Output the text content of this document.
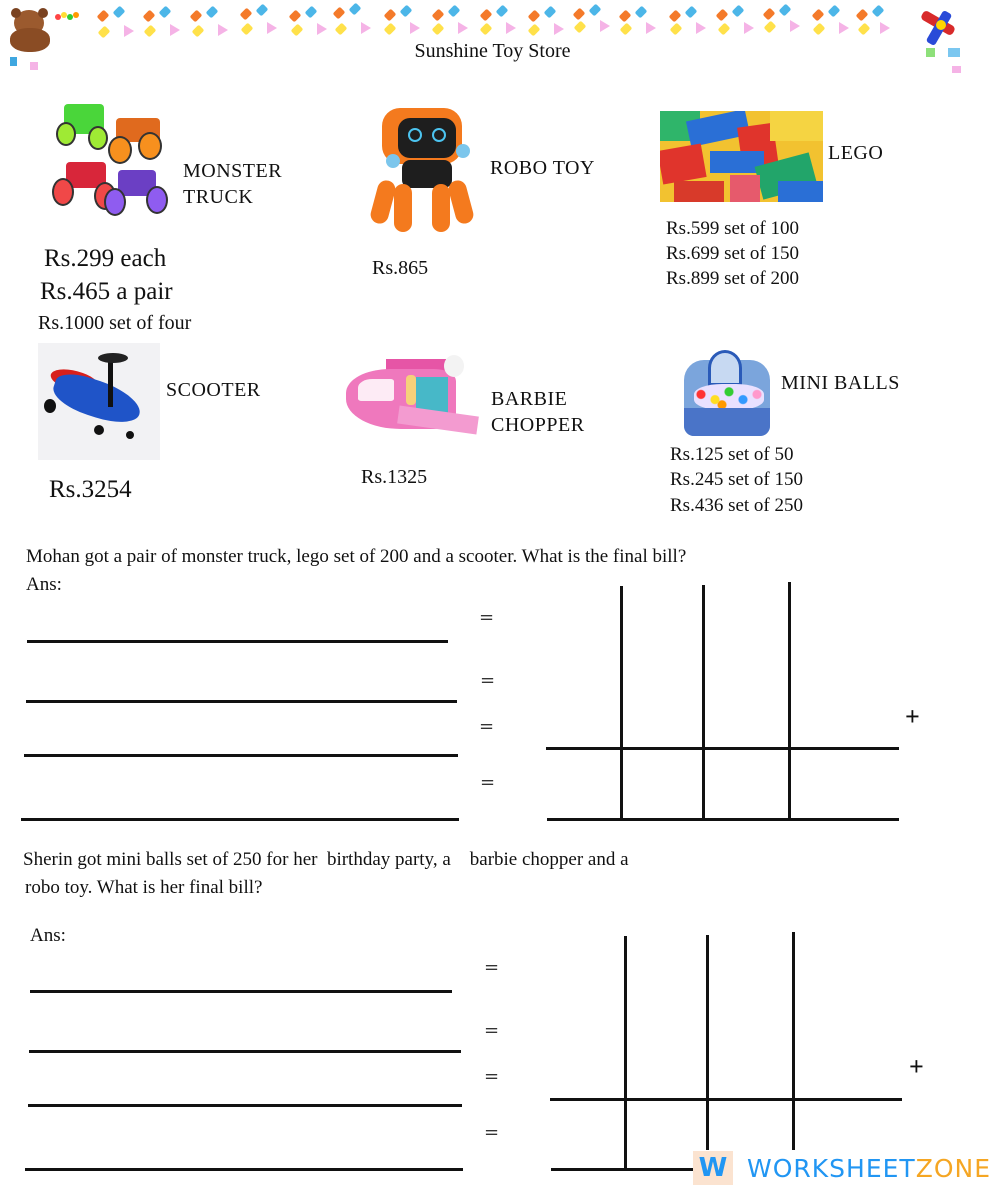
Sunshine Toy Store
MONSTER
TRUCK
Rs.299 each
Rs.465 a pair
Rs.1000 set of four
ROBO TOY
Rs.865
LEGO
Rs.599 set of 100
Rs.699 set of 150
Rs.899 set of 200
SCOOTER
Rs.3254
BARBIE
CHOPPER
Rs.1325
MINI BALLS
Rs.125 set of 50
Rs.245 set of 150
Rs.436 set of 250
Mohan got a pair of monster truck, lego set of 200 and a scooter. What is the final bill?
Ans:
=
=
=
=
+
Sherin got mini balls set of 250 for her  birthday party, a    barbie chopper and a
robo toy. What is her final bill?
Ans:
=
=
=
=
+
W WORKSHEETZONE
